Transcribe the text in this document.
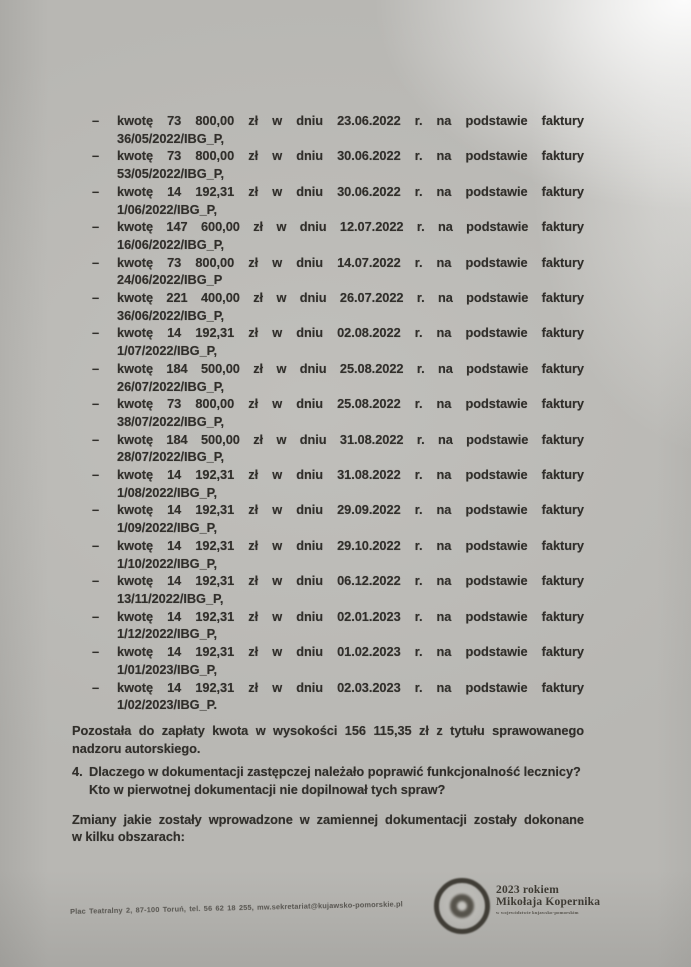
–	kwotę 73 800,00 zł w dniu 23.06.2022 r. na podstawie faktury
36/05/2022/IBG_P,
–	kwotę 73 800,00 zł w dniu 30.06.2022 r. na podstawie faktury
53/05/2022/IBG_P,
–	kwotę 14 192,31 zł w dniu 30.06.2022 r. na podstawie faktury
1/06/2022/IBG_P,
–	kwotę 147 600,00 zł w dniu 12.07.2022 r. na podstawie faktury
16/06/2022/IBG_P,
–	kwotę 73 800,00 zł w dniu 14.07.2022 r. na podstawie faktury
24/06/2022/IBG_P
–	kwotę 221 400,00 zł w dniu 26.07.2022 r. na podstawie faktury
36/06/2022/IBG_P,
–	kwotę 14 192,31 zł w dniu 02.08.2022 r. na podstawie faktury
1/07/2022/IBG_P,
–	kwotę 184 500,00 zł w dniu 25.08.2022 r. na podstawie faktury
26/07/2022/IBG_P,
–	kwotę 73 800,00 zł w dniu 25.08.2022 r. na podstawie faktury
38/07/2022/IBG_P,
–	kwotę 184 500,00 zł w dniu 31.08.2022 r. na podstawie faktury
28/07/2022/IBG_P,
–	kwotę 14 192,31 zł w dniu 31.08.2022 r. na podstawie faktury
1/08/2022/IBG_P,
–	kwotę 14 192,31 zł w dniu 29.09.2022 r. na podstawie faktury
1/09/2022/IBG_P,
–	kwotę 14 192,31 zł w dniu 29.10.2022 r. na podstawie faktury
1/10/2022/IBG_P,
–	kwotę 14 192,31 zł w dniu 06.12.2022 r. na podstawie faktury
13/11/2022/IBG_P,
–	kwotę 14 192,31 zł w dniu 02.01.2023 r. na podstawie faktury
1/12/2022/IBG_P,
–	kwotę 14 192,31 zł w dniu 01.02.2023 r. na podstawie faktury
1/01/2023/IBG_P,
–	kwotę 14 192,31 zł w dniu 02.03.2023 r. na podstawie faktury
1/02/2023/IBG_P.

Pozostała do zapłaty kwota w wysokości 156 115,35 zł z tytułu sprawowanego
nadzoru autorskiego.

4. Dlaczego w dokumentacji zastępczej należało poprawić funkcjonalność lecznicy?
Kto w pierwotnej dokumentacji nie dopilnował tych spraw?

Zmiany jakie zostały wprowadzone w zamiennej dokumentacji zostały dokonane
w kilku obszarach:

Plac Teatralny 2, 87-100 Toruń, tel. 56 62 18 255, mw.sekretariat@kujawsko-pomorskie.pl
2023 rokiem
Mikołaja Kopernika
w województwie kujawsko-pomorskim
